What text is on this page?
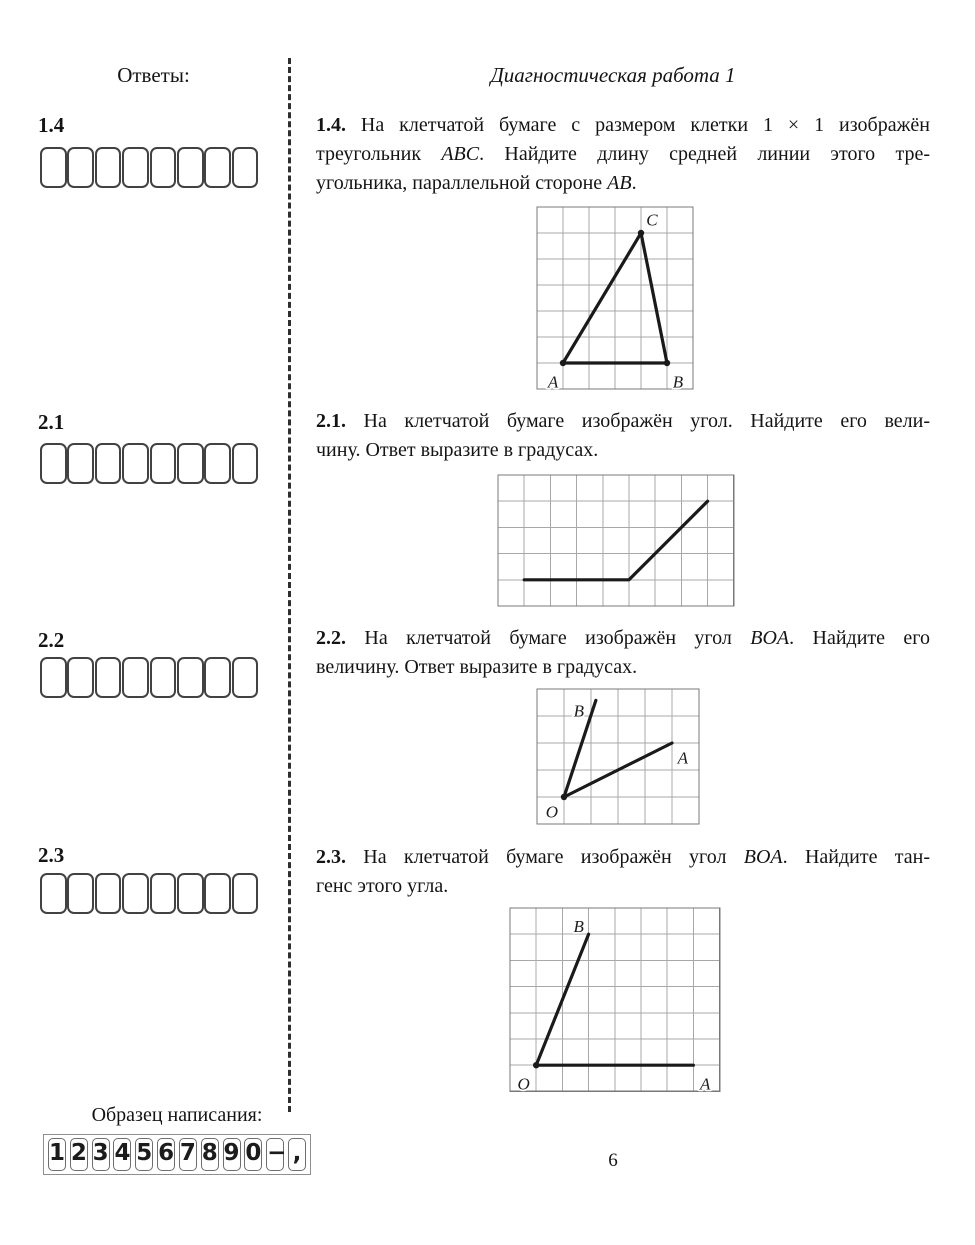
Ответы:
1.4
2.1
2.2
2.3
Образец написания:
1 2 3 4 5 6 7 8 9 0 − ,
Диагностическая работа 1
1.4. На клетчатой бумаге с размером клетки 1 × 1 изображён
треугольник ABC. Найдите длину средней линии этого тре-
угольника, параллельной стороне AB.
A	B
C
2.1. На клетчатой бумаге изображён угол. Найдите его вели-
чину. Ответ выразите в градусах.
2.2. На клетчатой бумаге изображён угол BOA. Найдите его
величину. Ответ выразите в градусах.
B
O
A
2.3. На клетчатой бумаге изображён угол BOA. Найдите тан-
генс этого угла.
O
B
A
6
